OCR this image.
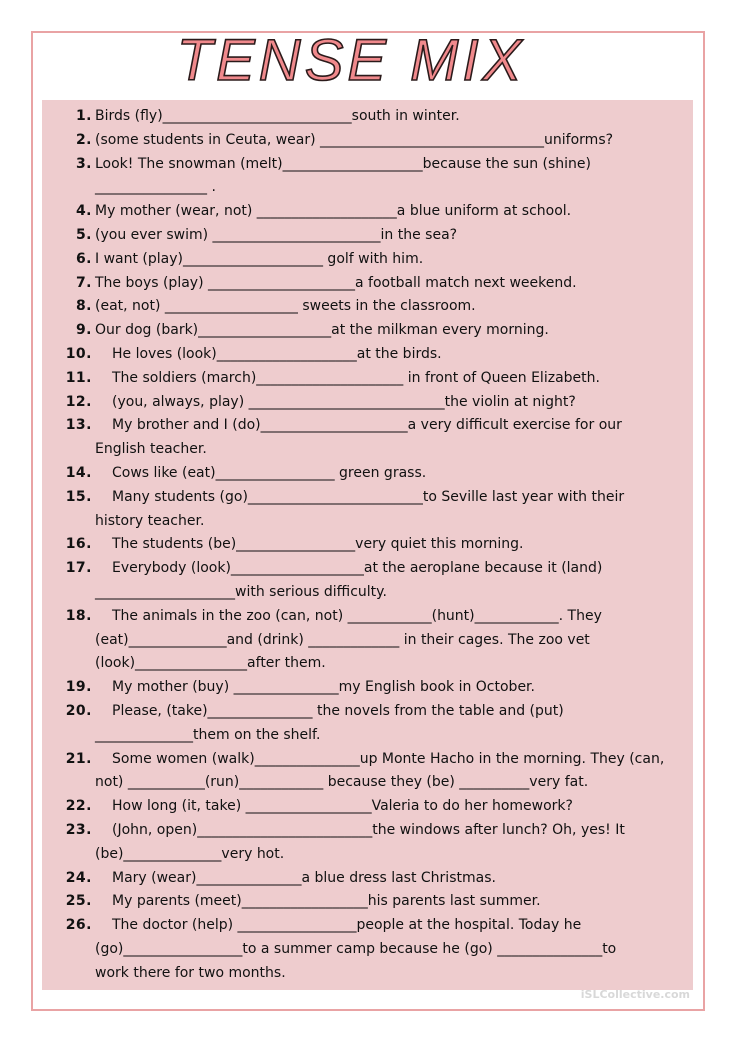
TENSE MIX
1. Birds (fly)___________________________south in winter.
2. (some students in Ceuta, wear) ________________________________uniforms?
3. Look! The snowman (melt)____________________because the sun (shine)
________________ .
4. My mother (wear, not) ____________________a blue uniform at school.
5. (you ever swim) ________________________in the sea?
6. I want (play)____________________ golf with him.
7. The boys (play) _____________________a football match next weekend.
8. (eat, not) ___________________ sweets in the classroom.
9. Our dog (bark)___________________at the milkman every morning.
10. He loves (look)____________________at the birds.
11. The soldiers (march)_____________________ in front of Queen Elizabeth.
12. (you, always, play) ____________________________the violin at night?
13. My brother and I (do)_____________________a very difficult exercise for our
English teacher.
14. Cows like (eat)_________________ green grass.
15. Many students (go)_________________________to Seville last year with their
history teacher.
16. The students (be)_________________very quiet this morning.
17. Everybody (look)___________________at the aeroplane because it (land)
____________________with serious difficulty.
18. The animals in the zoo (can, not) ____________(hunt)____________. They
(eat)______________and (drink) _____________ in their cages. The zoo vet
(look)________________after them.
19. My mother (buy) _______________my English book in October.
20. Please, (take)_______________ the novels from the table and (put)
______________them on the shelf.
21. Some women (walk)_______________up Monte Hacho in the morning. They (can,
not) ___________(run)____________ because they (be) __________very fat.
22. How long (it, take) __________________Valeria to do her homework?
23. (John, open)_________________________the windows after lunch? Oh, yes! It
(be)______________very hot.
24. Mary (wear)_______________a blue dress last Christmas.
25. My parents (meet)__________________his parents last summer.
26. The doctor (help) _________________people at the hospital. Today he
(go)_________________to a summer camp because he (go) _______________to
work there for two months.
iSLCollective.com
